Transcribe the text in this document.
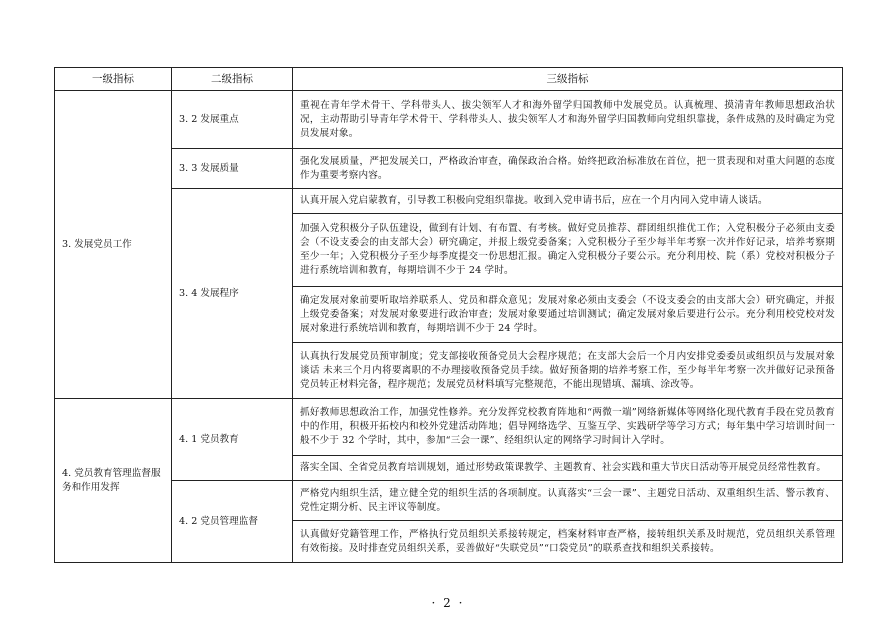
一级指标	二级指标	三级指标
3. 发展党员工作	3. 2 发展重点	重视在青年学术骨干、学科带头人、拔尖领军人才和海外留学归国教师中发展党员。认真梳理、摸清青年教师思想政治状况，主动帮助引导青年学术骨干、学科带头人、拔尖领军人才和海外留学归国教师向党组织靠拢，条件成熟的及时确定为党员发展对象。
	3. 3 发展质量	强化发展质量，严把发展关口，严格政治审查，确保政治合格。始终把政治标准放在首位，把一贯表现和对重大问题的态度作为重要考察内容。
	3. 4 发展程序	认真开展入党启蒙教育，引导教工积极向党组织靠拢。收到入党申请书后，应在一个月内同入党申请人谈话。
		加强入党积极分子队伍建设，做到有计划、有布置、有考核。做好党员推荐、群团组织推优工作；入党积极分子必须由支委会（不设支委会的由支部大会）研究确定，并报上级党委备案；入党积极分子至少每半年考察一次并作好记录，培养考察期至少一年；入党积极分子至少每季度提交一份思想汇报。确定入党积极分子要公示。充分利用校、院（系）党校对积极分子进行系统培训和教育，每期培训不少于 24 学时。
		确定发展对象前要听取培养联系人、党员和群众意见；发展对象必须由支委会（不设支委会的由支部大会）研究确定，并报上级党委备案；对发展对象要进行政治审查；发展对象要通过培训测试；确定发展对象后要进行公示。充分利用校党校对发展对象进行系统培训和教育，每期培训不少于 24 学时。
		认真执行发展党员预审制度；党支部接收预备党员大会程序规范；在支部大会后一个月内安排党委委员或组织员与发展对象谈话 未来三个月内将要离职的不办理接收预备党员手续。做好预备期的培养考察工作，至少每半年考察一次并做好记录预备党员转正材料完备，程序规范；发展党员材料填写完整规范，不能出现错填、漏填、涂改等。
4. 党员教育管理监督服务和作用发挥	4. 1 党员教育	抓好教师思想政治工作，加强党性修养。充分发挥党校教育阵地和“两微一端”网络新媒体等网络化现代教育手段在党员教育中的作用，积极开拓校内和校外党建活动阵地；倡导网络选学、互鉴互学、实践研学等学习方式；每年集中学习培训时间一般不少于 32 个学时，其中，参加“三会一课”、经组织认定的网络学习时间计入学时。
		落实全国、全省党员教育培训规划，通过形势政策课教学、主题教育、社会实践和重大节庆日活动等开展党员经常性教育。
	4. 2 党员管理监督	严格党内组织生活，建立健全党的组织生活的各项制度。认真落实“三会一课”、主题党日活动、双重组织生活、警示教育、党性定期分析、民主评议等制度。
		认真做好党籍管理工作，严格执行党员组织关系接转规定，档案材料审查严格，接转组织关系及时规范，党员组织关系管理有效衔接。及时排查党员组织关系，妥善做好“失联党员”“口袋党员”的联系查找和组织关系接转。
· 2 ·
